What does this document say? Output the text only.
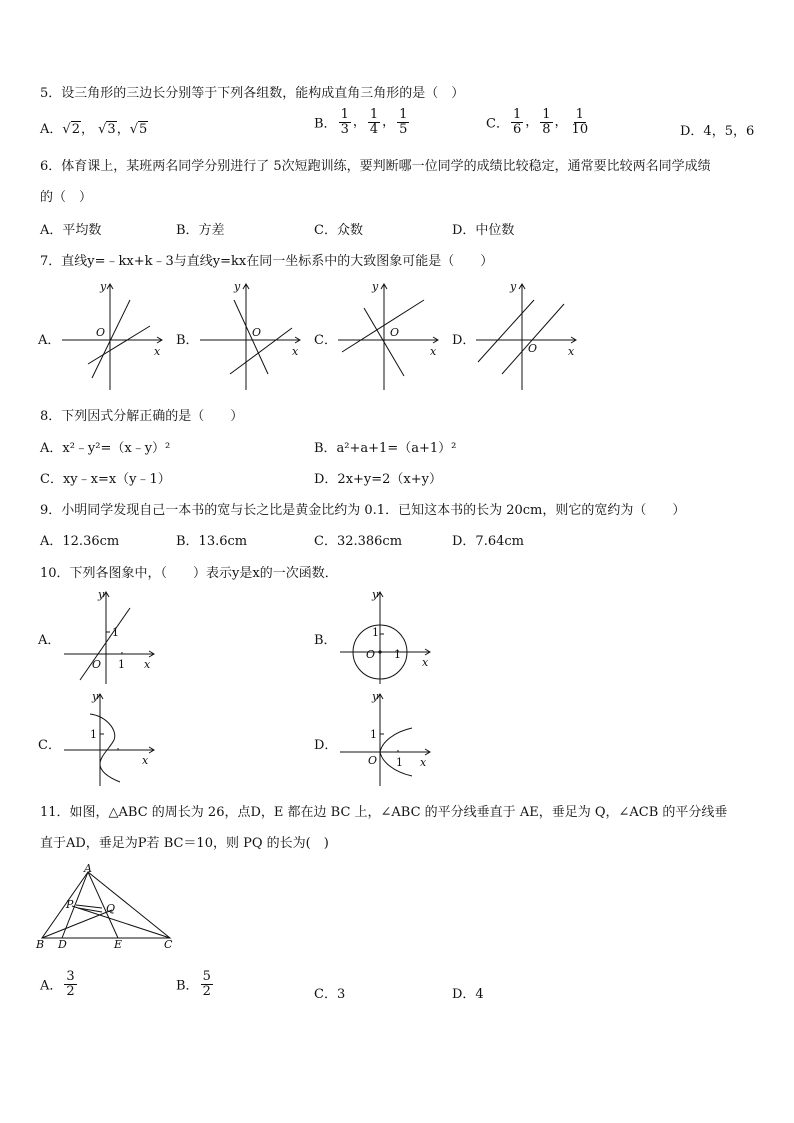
5．设三角形的三边长分别等于下列各组数，能构成直角三角形的是（　）
A．√2， √3，√5	B． $\frac{1}{3}$ ， $\frac{1}{4}$ ， $\frac{1}{5}$	C． $\frac{1}{6}$ ， $\frac{1}{8}$ ， $\frac{1}{10}$	D．4，5，6
6．体育课上，某班两名同学分别进行了 5次短跑训练，要判断哪一位同学的成绩比较稳定，通常要比较两名同学成绩
的（　）
A．平均数	B．方差	C．众数	D．中位数
7．直线y=﹣kx+k﹣3与直线y=kx在同一坐标系中的大致图象可能是（　　）
A．	B．	C．	D．
y
x
O
y
x
O
y
x
O
y
x
O
8．下列因式分解正确的是（　　）
A．x²﹣y²=（x﹣y）²	B．a²+a+1=（a+1）²
C．xy﹣x=x（y﹣1）	D．2x+y=2（x+y）
9．小明同学发现自己一本书的宽与长之比是黄金比约为 0.1．已知这本书的长为 20cm，则它的宽约为（　　）
A．12.36cm	B．13.6cm	C．32.386cm	D．7.64cm
10．下列各图象中，（　　）表示y是x的一次函数．
A．	B．
C．	D．
y
x
O
1
1
y
x
O
1
1
y
x
1
y
x
O
1
1
11．如图，△ABC 的周长为 26，点D，E 都在边 BC 上，∠ABC 的平分线垂直于 AE，垂足为 Q，∠ACB 的平分线垂
直于AD，垂足为P若 BC＝10，则 PQ 的长为(　)
A
B	C
D	E
P	Q
A． $\frac{3}{2}$	B． $\frac{5}{2}$	C．3	D．4
